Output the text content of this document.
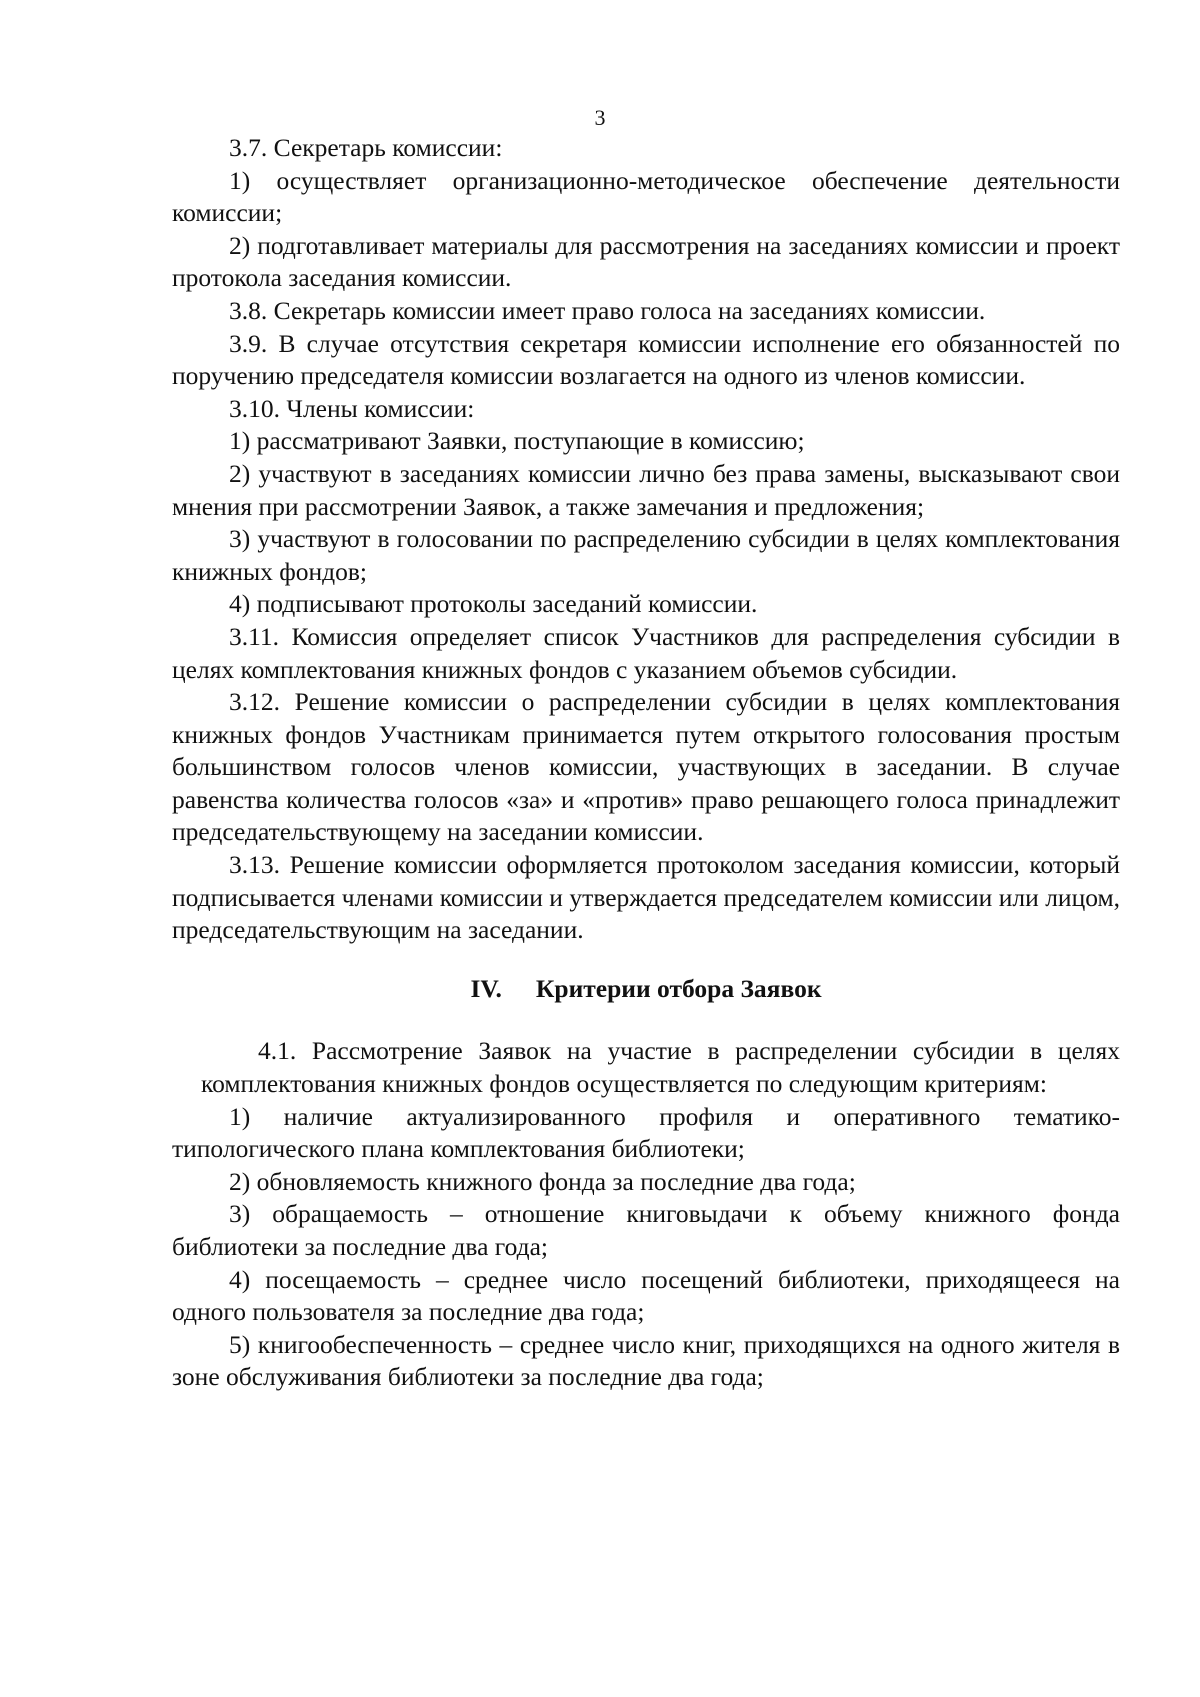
3

3.7. Секретарь комиссии:

1) осуществляет организационно-методическое обеспечение деятельности комиссии;

2) подготавливает материалы для рассмотрения на заседаниях комиссии и проект протокола заседания комиссии.

3.8. Секретарь комиссии имеет право голоса на заседаниях комиссии.

3.9. В случае отсутствия секретаря комиссии исполнение его обязанностей по поручению председателя комиссии возлагается на одного из членов комиссии.

3.10. Члены комиссии:

1) рассматривают Заявки, поступающие в комиссию;

2) участвуют в заседаниях комиссии лично без права замены, высказывают свои мнения при рассмотрении Заявок, а также замечания и предложения;

3) участвуют в голосовании по распределению субсидии в целях комплектования книжных фондов;

4) подписывают протоколы заседаний комиссии.

3.11. Комиссия определяет список Участников для распределения субсидии в целях комплектования книжных фондов с указанием объемов субсидии.

3.12. Решение комиссии о распределении субсидии в целях комплектования книжных фондов Участникам принимается путем открытого голосования простым большинством голосов членов комиссии, участвующих в заседании. В случае равенства количества голосов «за» и «против» право решающего голоса принадлежит председательствующему на заседании комиссии.

3.13. Решение комиссии оформляется протоколом заседания комиссии, который подписывается членами комиссии и утверждается председателем комиссии или лицом, председательствующим на заседании.

IV. Критерии отбора Заявок

4.1. Рассмотрение Заявок на участие в распределении субсидии в целях комплектования книжных фондов осуществляется по следующим критериям:

1) наличие актуализированного профиля и оперативного тематико-типологического плана комплектования библиотеки;

2) обновляемость книжного фонда за последние два года;

3) обращаемость – отношение книговыдачи к объему книжного фонда библиотеки за последние два года;

4) посещаемость – среднее число посещений библиотеки, приходящееся на одного пользователя за последние два года;

5) книгообеспеченность – среднее число книг, приходящихся на одного жителя в зоне обслуживания библиотеки за последние два года;
